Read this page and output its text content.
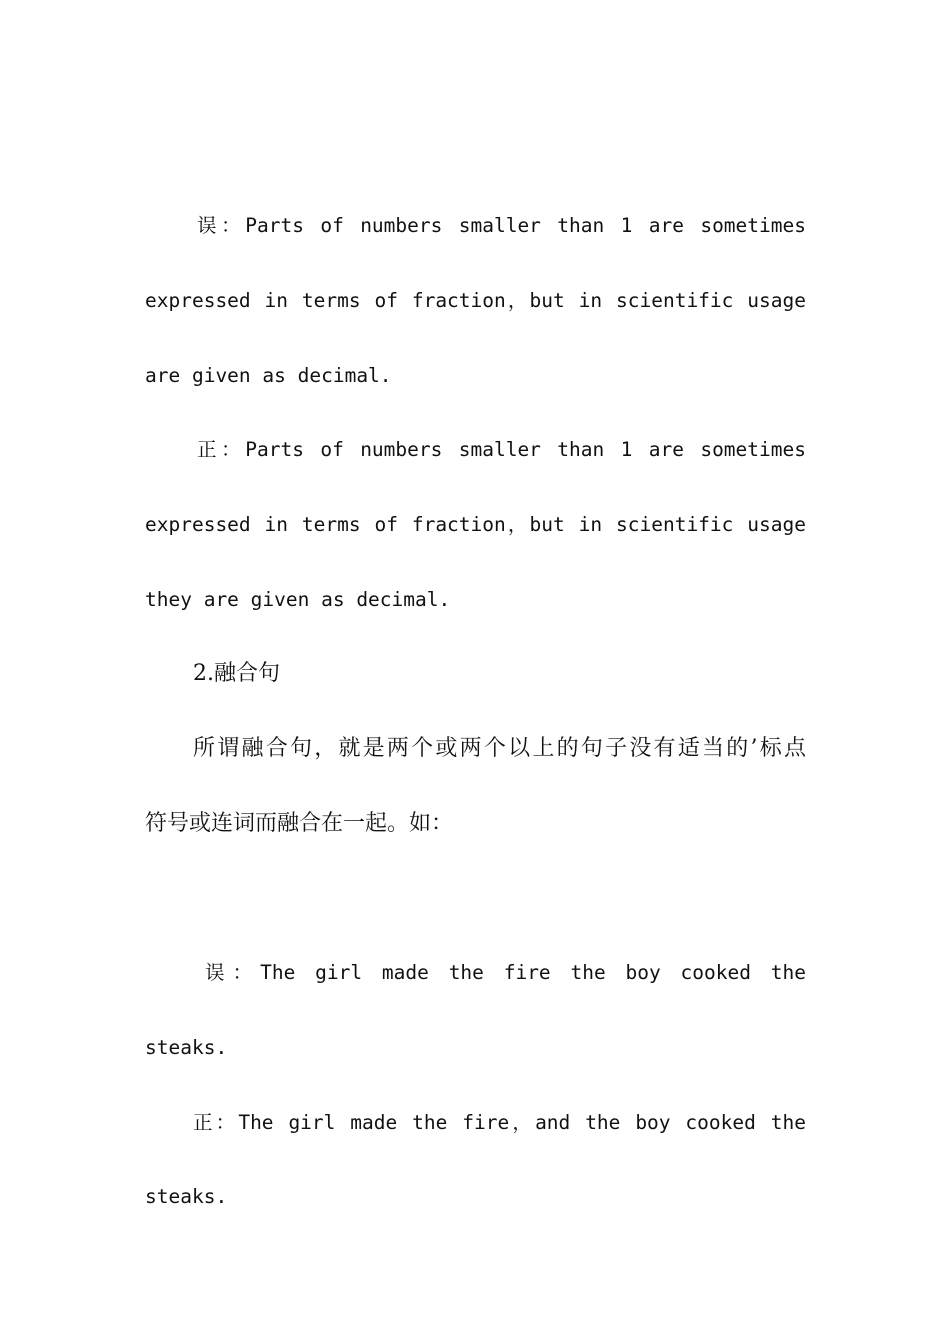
误：Parts of numbers smaller than 1 are sometimes
expressed in terms of fraction，but in scientific usage
are given as decimal.
正：Parts of numbers smaller than 1 are sometimes
expressed in terms of fraction，but in scientific usage
they are given as decimal.
2.融合句
所谓融合句，就是两个或两个以上的句子没有适当的’标点
符号或连词而融合在一起。如：
误：The girl made the fire the boy cooked the
steaks.
正：The girl made the fire，and the boy cooked the
steaks.
